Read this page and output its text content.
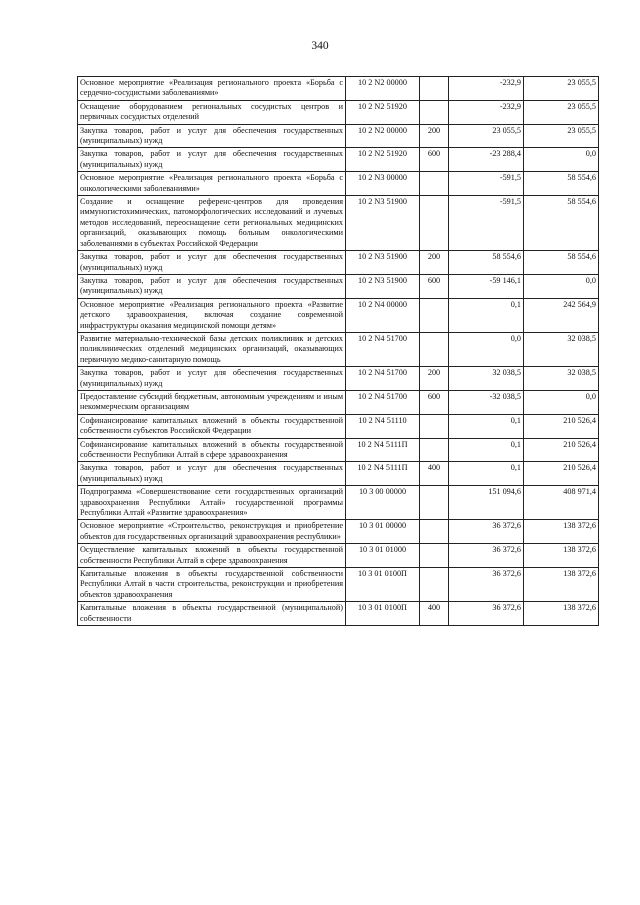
340
Основное мероприятие «Реализация регионального проекта «Борьба с сердечно-сосудистыми заболеваниями»	10 2 N2 00000		-232,9	23 055,5
Оснащение оборудованием региональных сосудистых центров и первичных сосудистых отделений	10 2 N2 51920		-232,9	23 055,5
Закупка товаров, работ и услуг для обеспечения государственных (муниципальных) нужд	10 2 N2 00000	200	23 055,5	23 055,5
Закупка товаров, работ и услуг для обеспечения государственных (муниципальных) нужд	10 2 N2 51920	600	-23 288,4	0,0
Основное мероприятие «Реализация регионального проекта «Борьба с онкологическими заболеваниями»	10 2 N3 00000		-591,5	58 554,6
Создание и оснащение референс-центров для проведения иммуногистохимических, патоморфологических исследований и лучевых методов исследований, переоснащение сети региональных медицинских организаций, оказывающих помощь больным онкологическими заболеваниями в субъектах Российской Федерации	10 2 N3 51900		-591,5	58 554,6
Закупка товаров, работ и услуг для обеспечения государственных (муниципальных) нужд	10 2 N3 51900	200	58 554,6	58 554,6
Закупка товаров, работ и услуг для обеспечения государственных (муниципальных) нужд	10 2 N3 51900	600	-59 146,1	0,0
Основное мероприятие «Реализация регионального проекта «Развитие детского здравоохранения, включая создание современной инфраструктуры оказания медицинской помощи детям»	10 2 N4 00000		0,1	242 564,9
Развитие материально-технической базы детских поликлиник и детских поликлинических отделений медицинских организаций, оказывающих первичную медико-санитарную помощь	10 2 N4 51700		0,0	32 038,5
Закупка товаров, работ и услуг для обеспечения государственных (муниципальных) нужд	10 2 N4 51700	200	32 038,5	32 038,5
Предоставление субсидий бюджетным, автономным учреждениям и иным некоммерческим организациям	10 2 N4 51700	600	-32 038,5	0,0
Софинансирование капитальных вложений в объекты государственной собственности субъектов Российской Федерации	10 2 N4 51110		0,1	210 526,4
Софинансирование капитальных вложений в объекты государственной собственности Республики Алтай в сфере здравоохранения	10 2 N4 5111П		0,1	210 526,4
Закупка товаров, работ и услуг для обеспечения государственных (муниципальных) нужд	10 2 N4 5111П	400	0,1	210 526,4
Подпрограмма «Совершенствование сети государственных организаций здравоохранения Республики Алтай» государственной программы Республики Алтай «Развитие здравоохранения»	10 3 00 00000		151 094,6	408 971,4
Основное мероприятие «Строительство, реконструкция и приобретение объектов для государственных организаций здравоохранения республики»	10 3 01 00000		36 372,6	138 372,6
Осуществление капитальных вложений в объекты государственной собственности Республики Алтай в сфере здравоохранения	10 3 01 01000		36 372,6	138 372,6
Капитальные вложения в объекты государственной собственности Республики Алтай в части строительства, реконструкции и приобретения объектов здравоохранения	10 3 01 0100П		36 372,6	138 372,6
Капитальные вложения в объекты государственной (муниципальной) собственности	10 3 01 0100П	400	36 372,6	138 372,6
